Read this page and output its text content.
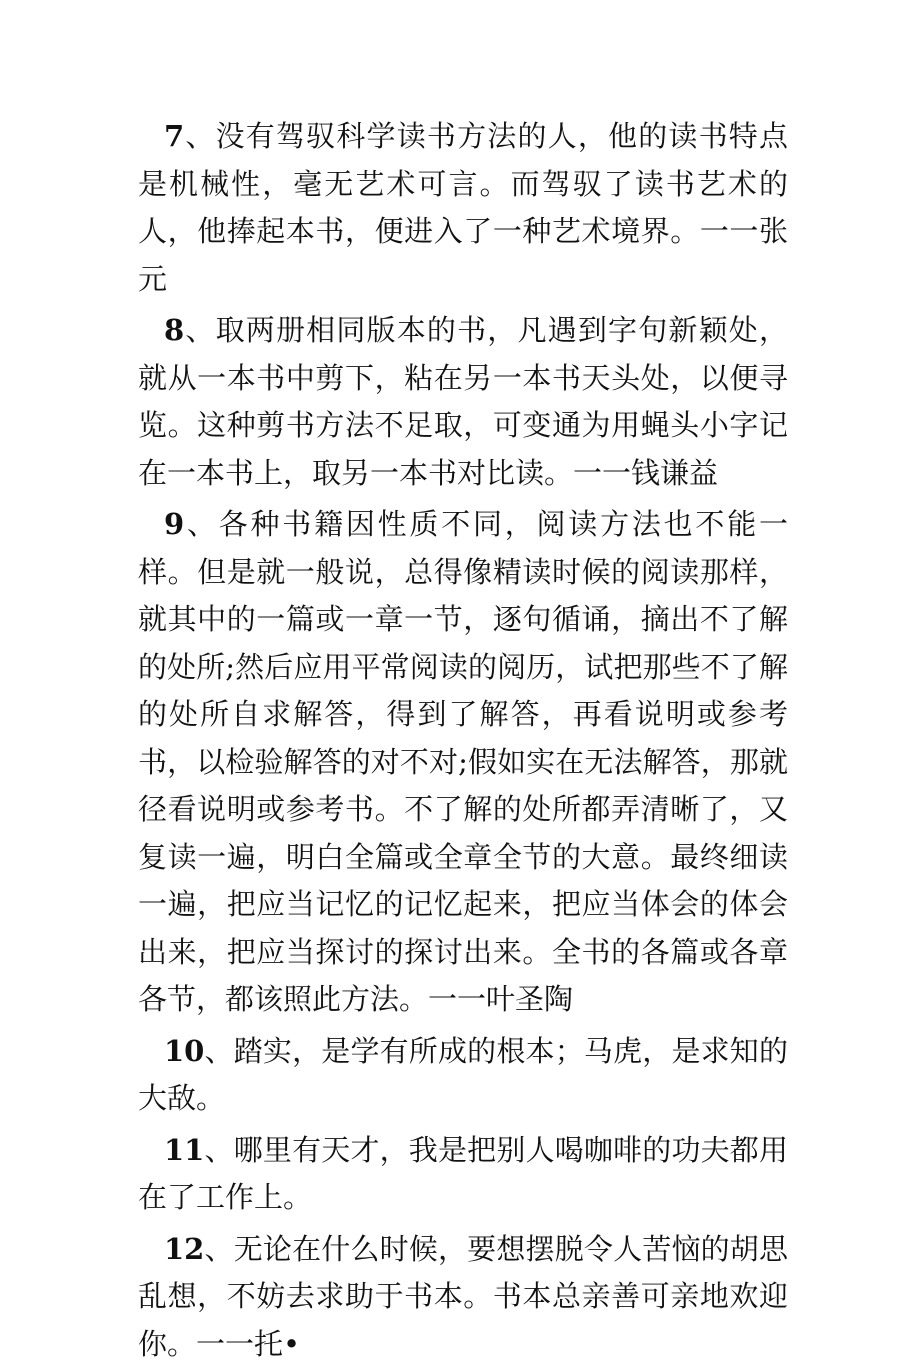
7、没有驾驭科学读书方法的人，他的读书特点是机械性，毫无艺术可言。而驾驭了读书艺术的人，他捧起本书，便进入了一种艺术境界。一一张元

8、取两册相同版本的书，凡遇到字句新颖处，就从一本书中剪下，粘在另一本书天头处，以便寻览。这种剪书方法不足取，可变通为用蝇头小字记在一本书上，取另一本书对比读。一一钱谦益

9、各种书籍因性质不同，阅读方法也不能一样。但是就一般说，总得像精读时候的阅读那样，就其中的一篇或一章一节，逐句循诵，摘出不了解的处所;然后应用平常阅读的阅历，试把那些不了解的处所自求解答，得到了解答，再看说明或参考书，以检验解答的对不对;假如实在无法解答，那就径看说明或参考书。不了解的处所都弄清晰了，又复读一遍，明白全篇或全章全节的大意。最终细读一遍，把应当记忆的记忆起来，把应当体会的体会出来，把应当探讨的探讨出来。全书的各篇或各章各节，都该照此方法。一一叶圣陶

10、踏实，是学有所成的根本；马虎，是求知的大敌。

11、哪里有天才，我是把别人喝咖啡的功夫都用在了工作上。

12、无论在什么时候，要想摆脱令人苦恼的胡思乱想，不妨去求助于书本。书本总亲善可亲地欢迎你。一一托•
